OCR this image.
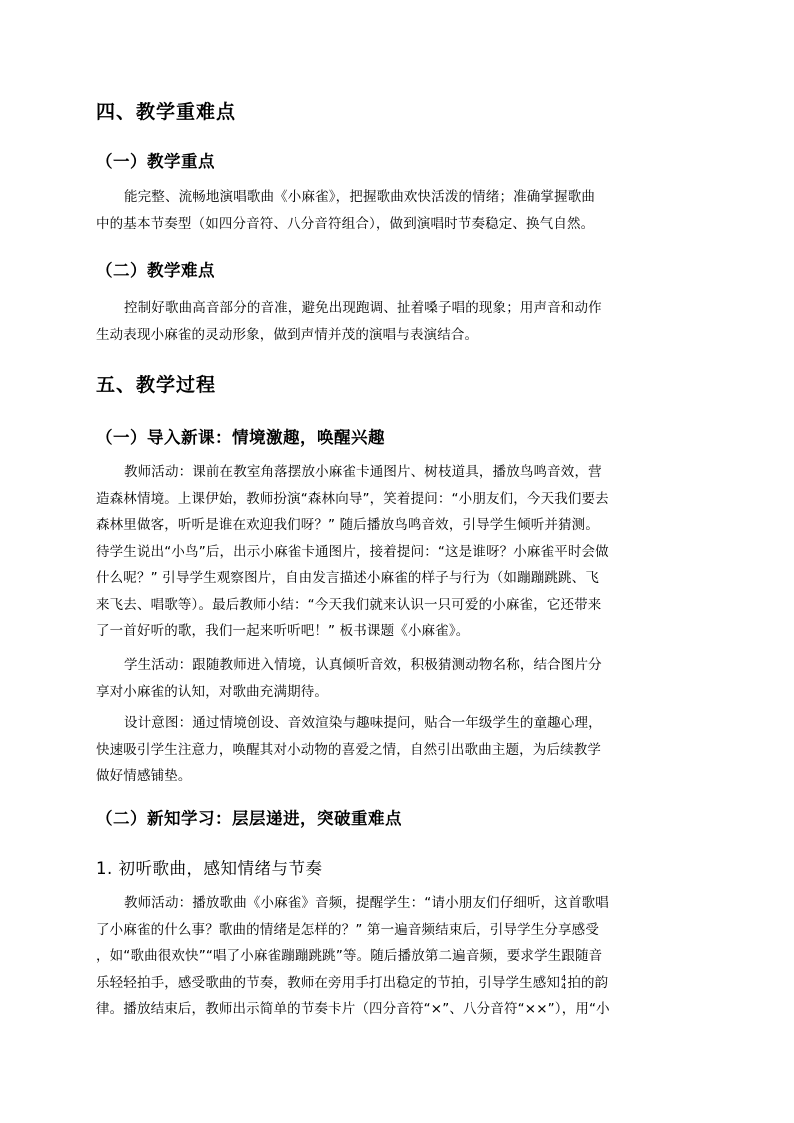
四、教学重难点
（一）教学重点
能完整、流畅地演唱歌曲《小麻雀》，把握歌曲欢快活泼的情绪；准确掌握歌曲
中的基本节奏型（如四分音符、八分音符组合），做到演唱时节奏稳定、换气自然。
（二）教学难点
控制好歌曲高音部分的音准，避免出现跑调、扯着嗓子唱的现象；用声音和动作
生动表现小麻雀的灵动形象，做到声情并茂的演唱与表演结合。
五、教学过程
（一）导入新课：情境激趣，唤醒兴趣
教师活动：课前在教室角落摆放小麻雀卡通图片、树枝道具，播放鸟鸣音效，营
造森林情境。上课伊始，教师扮演“森林向导”，笑着提问：“小朋友们，今天我们要去
森林里做客，听听是谁在欢迎我们呀？” 随后播放鸟鸣音效，引导学生倾听并猜测。
待学生说出“小鸟”后，出示小麻雀卡通图片，接着提问：“这是谁呀？小麻雀平时会做
什么呢？” 引导学生观察图片，自由发言描述小麻雀的样子与行为（如蹦蹦跳跳、飞
来飞去、唱歌等）。最后教师小结：“今天我们就来认识一只可爱的小麻雀，它还带来
了一首好听的歌，我们一起来听听吧！” 板书课题《小麻雀》。
学生活动：跟随教师进入情境，认真倾听音效，积极猜测动物名称，结合图片分
享对小麻雀的认知，对歌曲充满期待。
设计意图：通过情境创设、音效渲染与趣味提问，贴合一年级学生的童趣心理，
快速吸引学生注意力，唤醒其对小动物的喜爱之情，自然引出歌曲主题，为后续教学
做好情感铺垫。
（二）新知学习：层层递进，突破重难点
1. 初听歌曲，感知情绪与节奏
教师活动：播放歌曲《小麻雀》音频，提醒学生：“请小朋友们仔细听，这首歌唱
了小麻雀的什么事？歌曲的情绪是怎样的？” 第一遍音频结束后，引导学生分享感受
，如“歌曲很欢快”“唱了小麻雀蹦蹦跳跳”等。随后播放第二遍音频，要求学生跟随音
乐轻轻拍手，感受歌曲的节奏，教师在旁用手打出稳定的节拍，引导学生感知 4
4 拍的韵
律。播放结束后，教师出示简单的节奏卡片（四分音符“×”、八分音符“××”），用“小
